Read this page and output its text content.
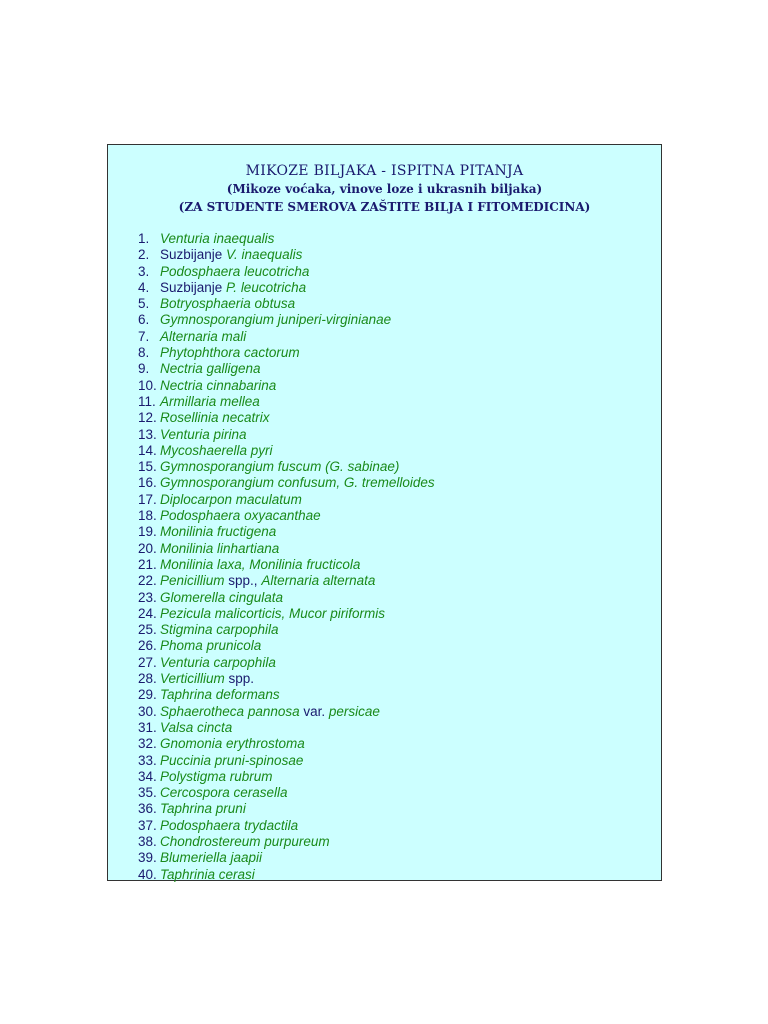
MIKOZE BILJAKA - ISPITNA PITANJA
(Mikoze voćaka, vinove loze i ukrasnih biljaka)
(ZA STUDENTE SMEROVA ZAŠTITE BILJA I FITOMEDICINA)
1. Venturia inaequalis
2. Suzbijanje V. inaequalis
3. Podosphaera leucotricha
4. Suzbijanje P. leucotricha
5. Botryosphaeria obtusa
6. Gymnosporangium juniperi-virginianae
7. Alternaria mali
8. Phytophthora cactorum
9. Nectria galligena
10. Nectria cinnabarina
11. Armillaria mellea
12. Rosellinia necatrix
13. Venturia pirina
14. Mycoshaerella pyri
15. Gymnosporangium fuscum (G. sabinae)
16. Gymnosporangium confusum, G. tremelloides
17. Diplocarpon maculatum
18. Podosphaera oxyacanthae
19. Monilinia fructigena
20. Monilinia linhartiana
21. Monilinia laxa, Monilinia fructicola
22. Penicillium spp., Alternaria alternata
23. Glomerella cingulata
24. Pezicula malicorticis, Mucor piriformis
25. Stigmina carpophila
26. Phoma prunicola
27. Venturia carpophila
28. Verticillium spp.
29. Taphrina deformans
30. Sphaerotheca pannosa var. persicae
31. Valsa cincta
32. Gnomonia erythrostoma
33. Puccinia pruni-spinosae
34. Polystigma rubrum
35. Cercospora cerasella
36. Taphrina pruni
37. Podosphaera trydactila
38. Chondrostereum purpureum
39. Blumeriella jaapii
40. Taphrinia cerasi
